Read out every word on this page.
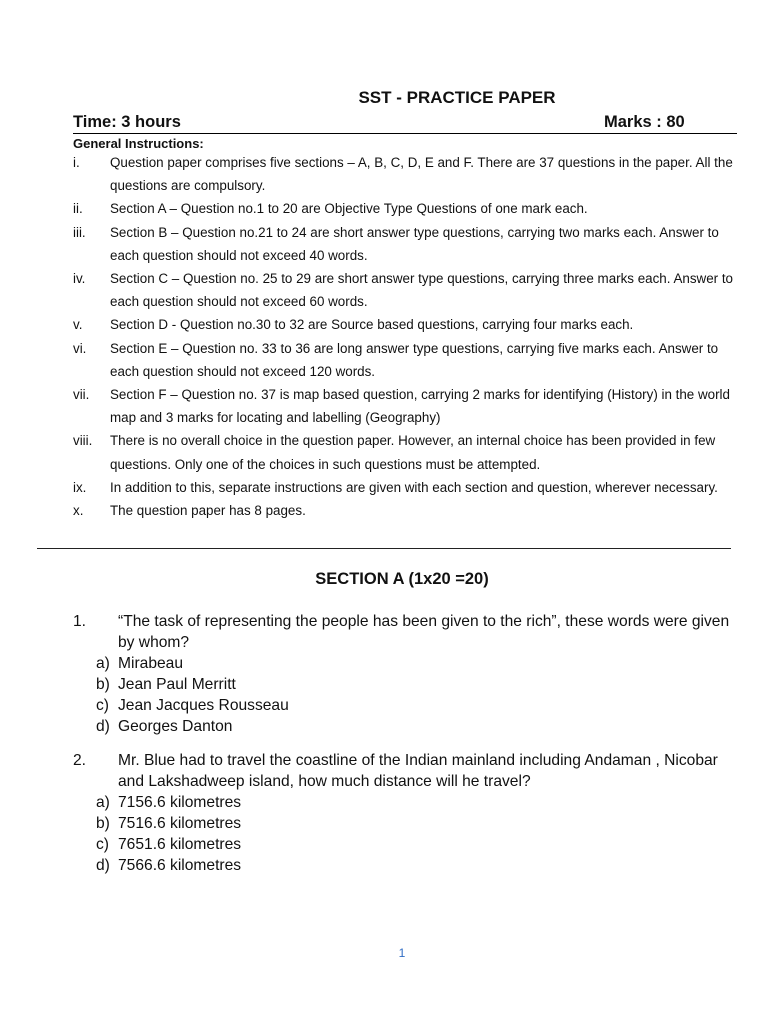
SST - PRACTICE PAPER
Time: 3 hours	Marks : 80
General Instructions:
i. Question paper comprises five sections – A, B, C, D, E and F. There are 37 questions in the paper. All the questions are compulsory.
ii. Section A – Question no.1 to 20 are Objective Type Questions of one mark each.
iii. Section B – Question no.21 to 24 are short answer type questions, carrying two marks each. Answer to each question should not exceed 40 words.
iv. Section C – Question no. 25 to 29 are short answer type questions, carrying three marks each. Answer to each question should not exceed 60 words.
v. Section D - Question no.30 to 32 are Source based questions, carrying four marks each.
vi. Section E – Question no. 33 to 36 are long answer type questions, carrying five marks each. Answer to each question should not exceed 120 words.
vii. Section F – Question no. 37 is map based question, carrying 2 marks for identifying (History) in the world map and 3 marks for locating and labelling (Geography)
viii. There is no overall choice in the question paper. However, an internal choice has been provided in few questions. Only one of the choices in such questions must be attempted.
ix. In addition to this, separate instructions are given with each section and question, wherever necessary.
x. The question paper has 8 pages.
SECTION A (1x20 =20)
1. “The task of representing the people has been given to the rich”, these words were given by whom?
a) Mirabeau
b) Jean Paul Merritt
c) Jean Jacques Rousseau
d) Georges Danton
2. Mr. Blue had to travel the coastline of the Indian mainland including Andaman , Nicobar and Lakshadweep island, how much distance will he travel?
a) 7156.6 kilometres
b) 7516.6 kilometres
c) 7651.6 kilometres
d) 7566.6 kilometres
1
